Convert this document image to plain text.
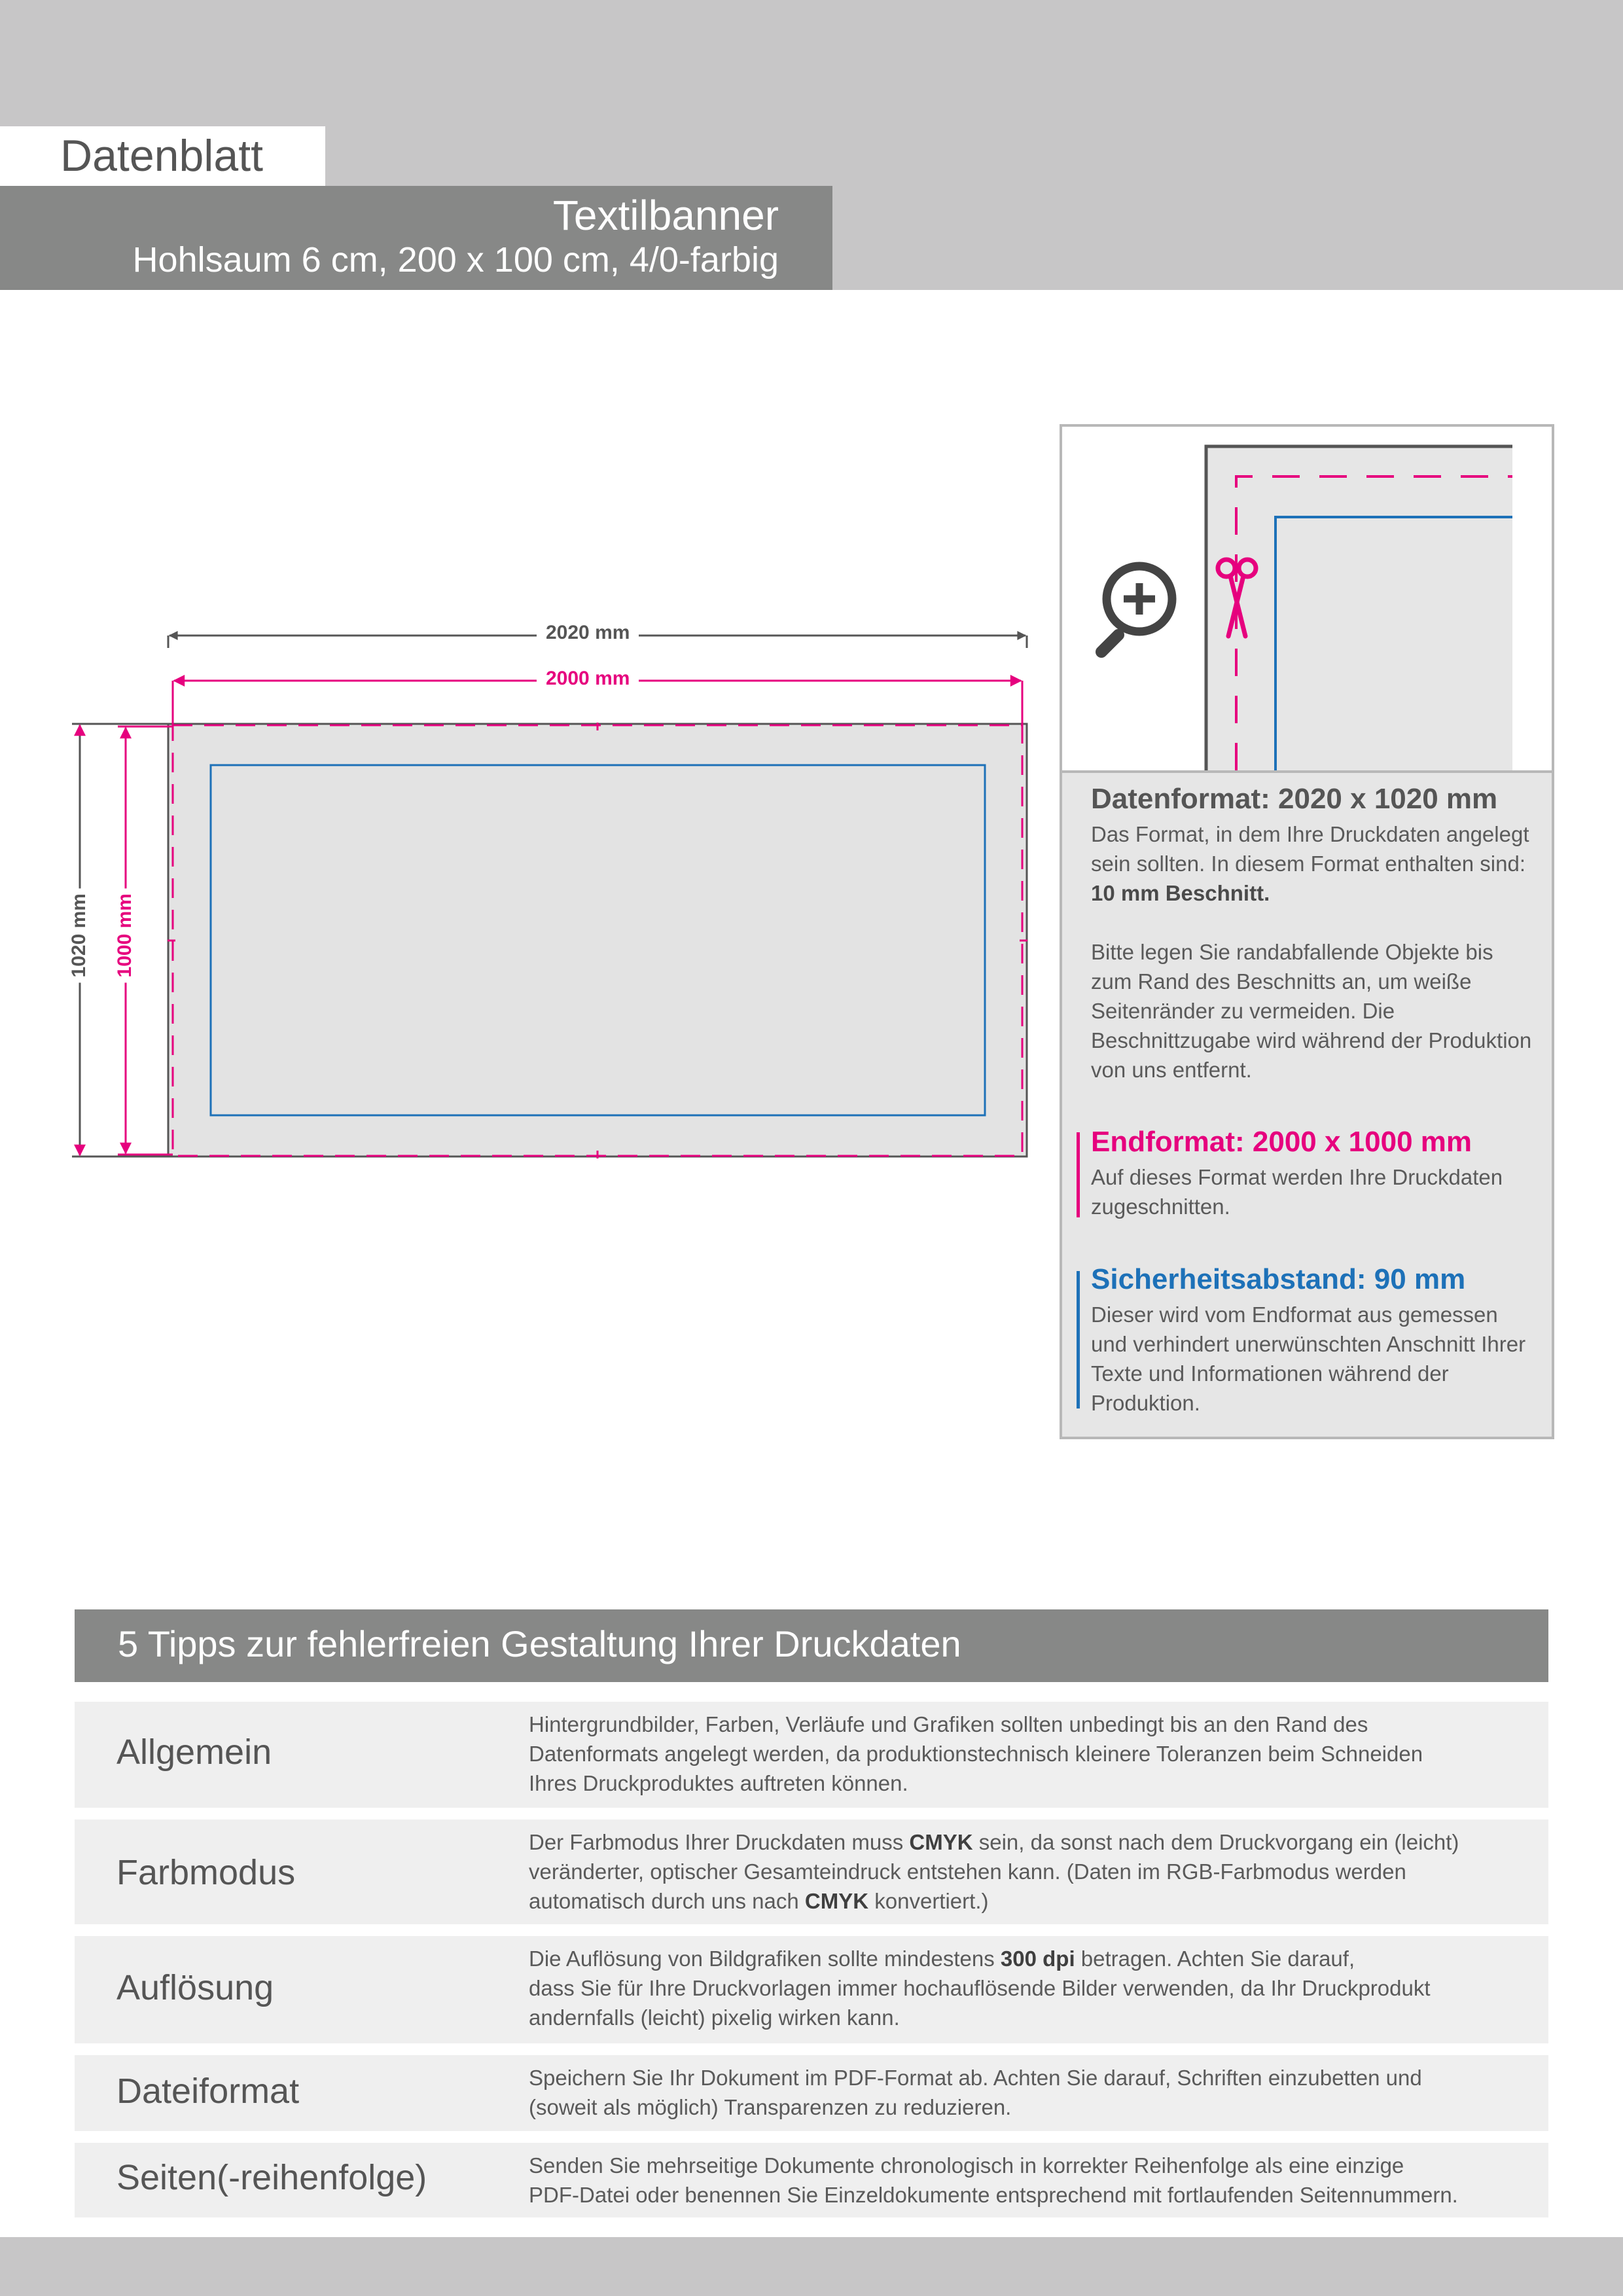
Datenblatt
Textilbanner
Hohlsaum 6 cm, 200 x 100 cm, 4/0-farbig
2020 mm
2000 mm
1020 mm 1000 mm
Datenformat: 2020 x 1020 mm
Das Format, in dem Ihre Druckdaten angelegt sein sollten. In diesem Format enthalten sind: 10 mm Beschnitt.
Bitte legen Sie randabfallende Objekte bis zum Rand des Beschnitts an, um weiße Seitenränder zu vermeiden. Die Beschnittzugabe wird während der Produktion von uns entfernt.
Endformat: 2000 x 1000 mm
Auf dieses Format werden Ihre Druckdaten zugeschnitten.
Sicherheitsabstand: 90 mm
Dieser wird vom Endformat aus gemessen und verhindert unerwünschten Anschnitt Ihrer Texte und Informationen während der Produktion.
5 Tipps zur fehlerfreien Gestaltung Ihrer Druckdaten
Allgemein
Hintergrundbilder, Farben, Verläufe und Grafiken sollten unbedingt bis an den Rand des
Datenformats angelegt werden, da produktionstechnisch kleinere Toleranzen beim Schneiden
Ihres Druckproduktes auftreten können.
Farbmodus
Der Farbmodus Ihrer Druckdaten muss CMYK sein, da sonst nach dem Druckvorgang ein (leicht)
veränderter, optischer Gesamteindruck entstehen kann. (Daten im RGB-Farbmodus werden
automatisch durch uns nach CMYK konvertiert.)
Auflösung
Die Auflösung von Bildgrafiken sollte mindestens 300 dpi betragen. Achten Sie darauf,
dass Sie für Ihre Druckvorlagen immer hochauflösende Bilder verwenden, da Ihr Druckprodukt
andernfalls (leicht) pixelig wirken kann.
Dateiformat	Speichern Sie Ihr Dokument im PDF-Format ab. Achten Sie darauf, Schriften einzubetten und
(soweit als möglich) Transparenzen zu reduzieren.
Seiten(-reihenfolge)	Senden Sie mehrseitige Dokumente chronologisch in korrekter Reihenfolge als eine einzige
PDF-Datei oder benennen Sie Einzeldokumente entsprechend mit fortlaufenden Seitennummern.
